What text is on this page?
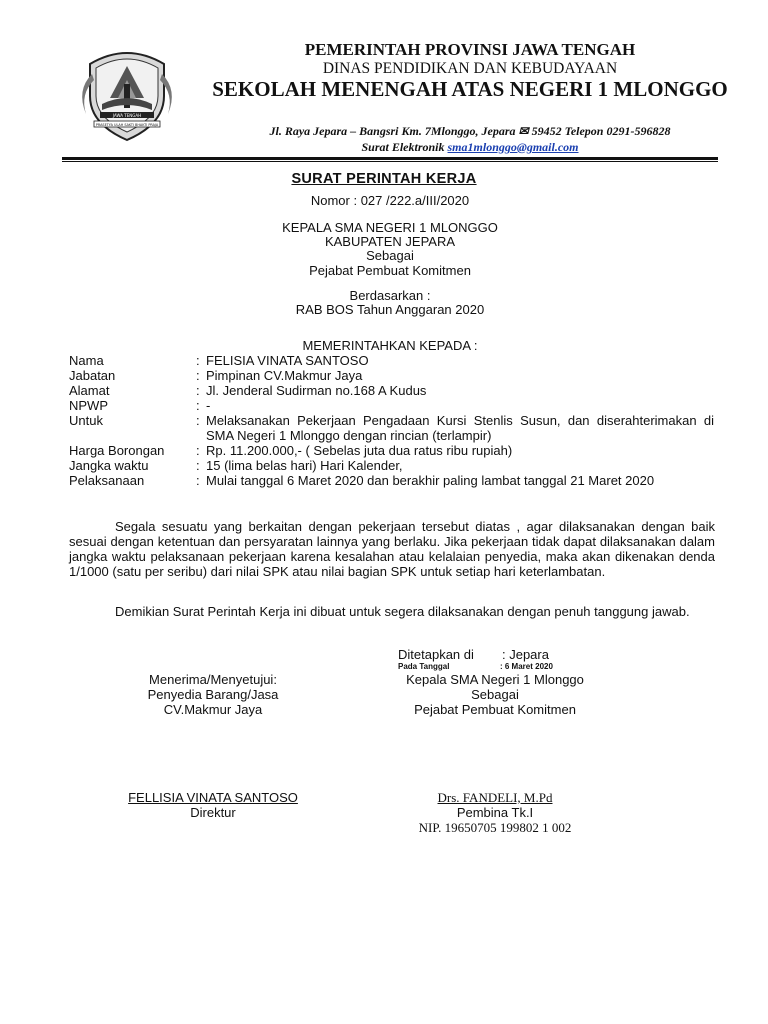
JAWA TENGAH
PRASETYA ULAH SAKTI BHAKTI PRAJA
PEMERINTAH PROVINSI JAWA TENGAH
DINAS PENDIDIKAN DAN KEBUDAYAAN
SEKOLAH MENENGAH ATAS NEGERI 1 MLONGGO
Jl. Raya Jepara – Bangsri Km. 7Mlonggo, Jepara ✉ 59452 Telepon 0291-596828
Surat Elektronik sma1mlonggo@gmail.com
SURAT PERINTAH KERJA
Nomor : 027 /222.a/III/2020
KEPALA SMA NEGERI 1 MLONGGO
KABUPATEN JEPARA
Sebagai
Pejabat Pembuat Komitmen
Berdasarkan :
RAB BOS Tahun Anggaran 2020
MEMERINTAHKAN KEPADA :
Nama	: FELISIA VINATA SANTOSO
Jabatan	: Pimpinan CV.Makmur Jaya
Alamat	: Jl. Jenderal Sudirman no.168 A Kudus
NPWP	: -
Untuk	: Melaksanakan Pekerjaan Pengadaan Kursi Stenlis Susun, dan diserahterimakan di SMA Negeri 1 Mlonggo dengan rincian (terlampir)
Harga Borongan	: Rp. 11.200.000,- ( Sebelas juta dua ratus ribu rupiah)
Jangka waktu	: 15 (lima belas hari) Hari Kalender,
Pelaksanaan	: Mulai tanggal 6 Maret 2020 dan berakhir paling lambat tanggal 21 Maret 2020
Segala sesuatu yang berkaitan dengan pekerjaan tersebut diatas , agar dilaksanakan dengan baik sesuai dengan ketentuan dan persyaratan lainnya yang berlaku. Jika pekerjaan tidak dapat dilaksanakan dalam jangka waktu pelaksanaan pekerjaan karena kesalahan atau kelalaian penyedia, maka akan dikenakan denda 1/1000 (satu per seribu) dari nilai SPK atau nilai bagian SPK untuk setiap hari keterlambatan.
Demikian Surat Perintah Kerja ini dibuat untuk segera dilaksanakan dengan penuh tanggung jawab.
Ditetapkan di : Jepara
Pada Tanggal	: 6 Maret 2020
Menerima/Menyetujui:
Penyedia Barang/Jasa
CV.Makmur Jaya
Kepala SMA Negeri 1 Mlonggo
Sebagai
Pejabat Pembuat Komitmen
FELLISIA VINATA SANTOSO
Direktur
Drs. FANDELI, M.Pd
Pembina Tk.I
NIP. 19650705 199802 1 002
